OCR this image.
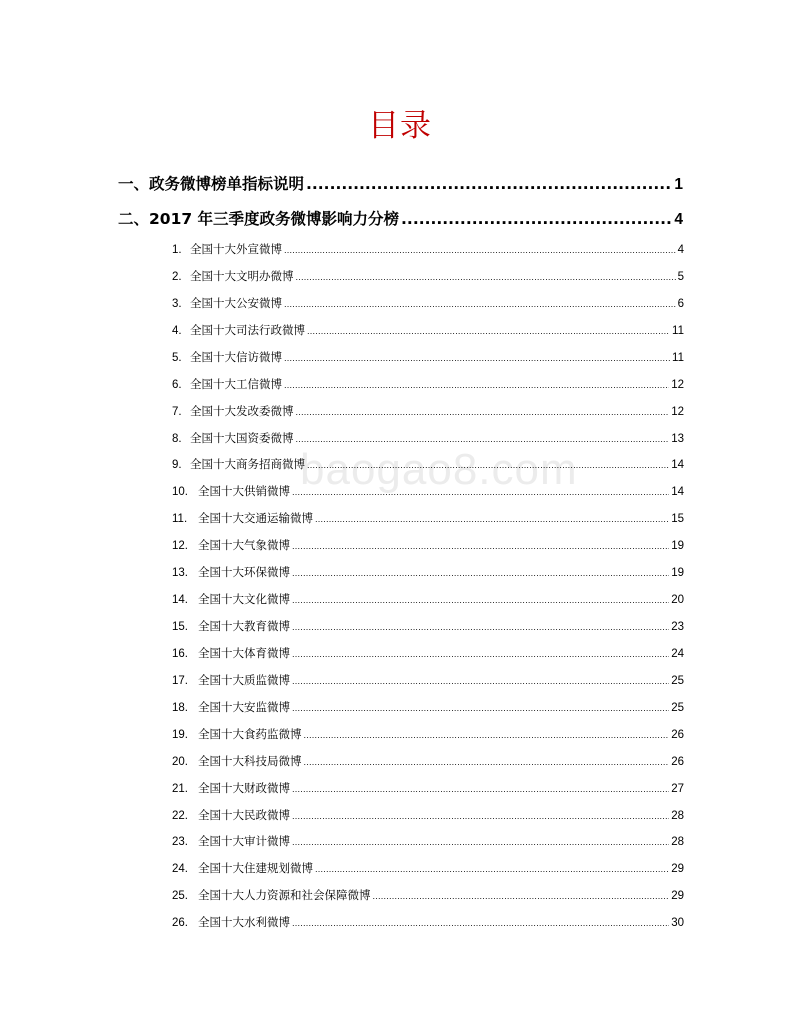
目录
baogao8.com
一、政务微博榜单指标说明 .....	1
二、2017 年三季度政务微博影响力分榜 .....	4
1. 全国十大外宣微博 .....	4
2. 全国十大文明办微博 .....	5
3. 全国十大公安微博 .....	6
4. 全国十大司法行政微博 .....	11
5. 全国十大信访微博 .....	11
6. 全国十大工信微博 .....	12
7. 全国十大发改委微博 .....	12
8. 全国十大国资委微博 .....	13
9. 全国十大商务招商微博 .....	14
10. 全国十大供销微博 .....	14
11. 全国十大交通运输微博 .....	15
12. 全国十大气象微博 .....	19
13. 全国十大环保微博 .....	19
14. 全国十大文化微博 .....	20
15. 全国十大教育微博 .....	23
16. 全国十大体育微博 .....	24
17. 全国十大质监微博 .....	25
18. 全国十大安监微博 .....	25
19. 全国十大食药监微博 .....	26
20. 全国十大科技局微博 .....	26
21. 全国十大财政微博 .....	27
22. 全国十大民政微博 .....	28
23. 全国十大审计微博 .....	28
24. 全国十大住建规划微博 .....	29
25. 全国十大人力资源和社会保障微博 .....	29
26. 全国十大水利微博 .....	30
